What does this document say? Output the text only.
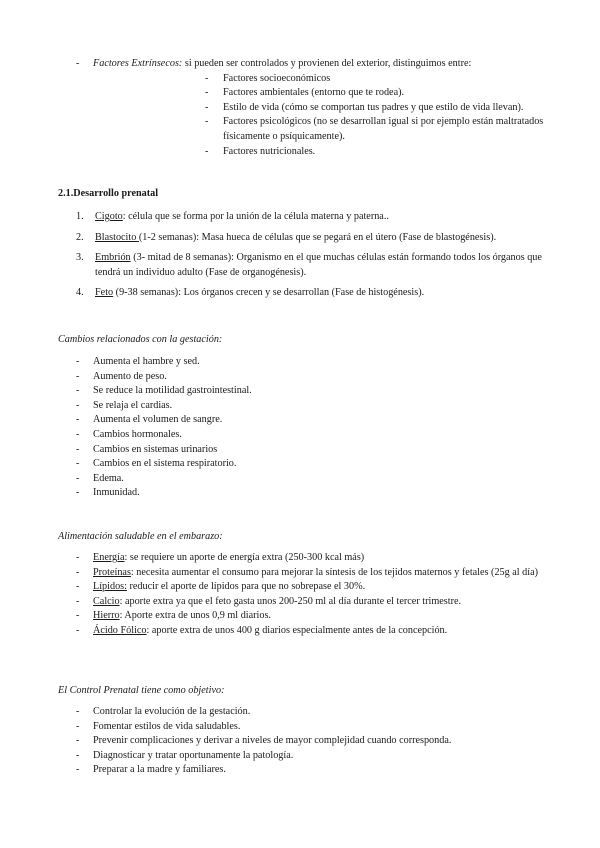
- Factores Extrínsecos: si pueden ser controlados y provienen del exterior, distinguimos entre:
- Factores socioeconómicos
- Factores ambientales (entorno que te rodea).
- Estilo de vida (cómo se comportan tus padres y que estilo de vida llevan).
- Factores psicológicos (no se desarrollan igual si por ejemplo están maltratados físicamente o psíquicamente).
- Factores nutricionales.
2.1.Desarrollo prenatal
1. Cigoto: célula que se forma por la unión de la célula materna y paterna..
2. Blastocito (1-2 semanas): Masa hueca de células que se pegará en el útero (Fase de blastogénesis).
3. Embrión (3- mitad de 8 semanas): Organismo en el que muchas células están formando todos los órganos que tendrá un individuo adulto (Fase de organogénesis).
4. Feto (9-38 semanas): Los órganos crecen y se desarrollan (Fase de histogénesis).
Cambios relacionados con la gestación:
- Aumenta el hambre y sed.
- Aumento de peso.
- Se reduce la motilidad gastrointestinal.
- Se relaja el cardias.
- Aumenta el volumen de sangre.
- Cambios hormonales.
- Cambios en sistemas urinarios
- Cambios en el sistema respiratorio.
- Edema.
- Inmunidad.
Alimentación saludable en el embarazo:
- Energía: se requiere un aporte de energía extra (250-300 kcal más)
- Proteínas: necesita aumentar el consumo para mejorar la síntesis de los tejidos maternos y fetales (25g al día)
- Lípidos: reducir el aporte de lípidos para que no sobrepase el 30%.
- Calcio: aporte extra ya que el feto gasta unos 200-250 ml al día durante el tercer trimestre.
- Hierro: Aporte extra de unos 0,9 ml diarios.
- Ácido Fólico: aporte extra de unos 400 g diarios especialmente antes de la concepción.
El Control Prenatal tiene como objetivo:
- Controlar la evolución de la gestación.
- Fomentar estilos de vida saludables.
- Prevenir complicaciones y derivar a niveles de mayor complejidad cuando corresponda.
- Diagnosticar y tratar oportunamente la patología.
- Preparar a la madre y familiares.
